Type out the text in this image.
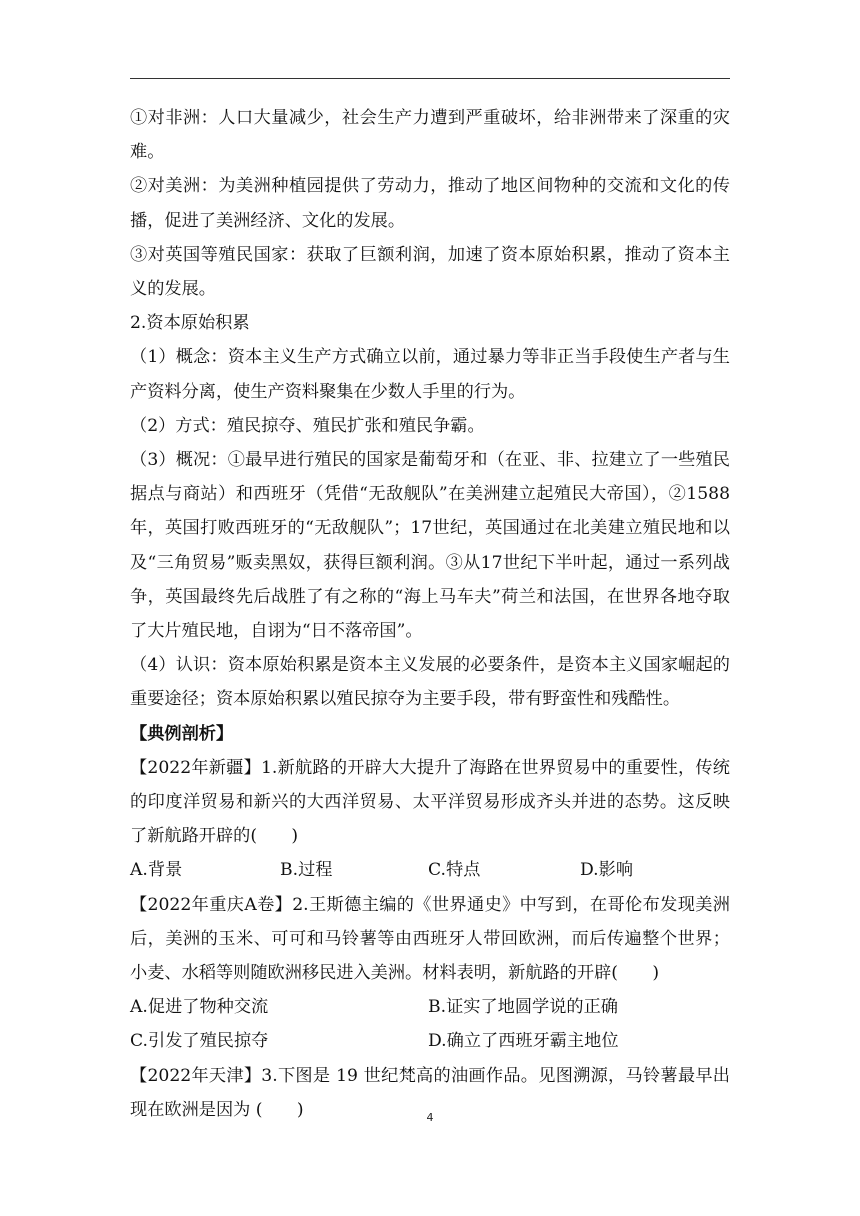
①对非洲：人口大量减少，社会生产力遭到严重破坏，给非洲带来了深重的灾难。

②对美洲：为美洲种植园提供了劳动力，推动了地区间物种的交流和文化的传播，促进了美洲经济、文化的发展。

③对英国等殖民国家：获取了巨额利润，加速了资本原始积累，推动了资本主义的发展。

2.资本原始积累

（1）概念：资本主义生产方式确立以前，通过暴力等非正当手段使生产者与生产资料分离，使生产资料聚集在少数人手里的行为。

（2）方式：殖民掠夺、殖民扩张和殖民争霸。

（3）概况：①最早进行殖民的国家是葡萄牙和（在亚、非、拉建立了一些殖民据点与商站）和西班牙（凭借“无敌舰队”在美洲建立起殖民大帝国），②1588年，英国打败西班牙的“无敌舰队”；17世纪，英国通过在北美建立殖民地和以及“三角贸易”贩卖黑奴，获得巨额利润。③从17世纪下半叶起，通过一系列战争，英国最终先后战胜了有之称的“海上马车夫”荷兰和法国，在世界各地夺取了大片殖民地，自诩为“日不落帝国”。

（4）认识：资本原始积累是资本主义发展的必要条件，是资本主义国家崛起的重要途径；资本原始积累以殖民掠夺为主要手段，带有野蛮性和残酷性。

【典例剖析】

【2022年新疆】1.新航路的开辟大大提升了海路在世界贸易中的重要性，传统的印度洋贸易和新兴的大西洋贸易、太平洋贸易形成齐头并进的态势。这反映了新航路开辟的(　　)

A.背景	B.过程	C.特点	D.影响

【2022年重庆A卷】2.王斯德主编的《世界通史》中写到，在哥伦布发现美洲后，美洲的玉米、可可和马铃薯等由西班牙人带回欧洲，而后传遍整个世界；小麦、水稻等则随欧洲移民进入美洲。材料表明，新航路的开辟(　　)

A.促进了物种交流	B.证实了地圆学说的正确
C.引发了殖民掠夺	D.确立了西班牙霸主地位

【2022年天津】3.下图是 19 世纪梵高的油画作品。见图溯源，马铃薯最早出现在欧洲是因为 (　　)	4
